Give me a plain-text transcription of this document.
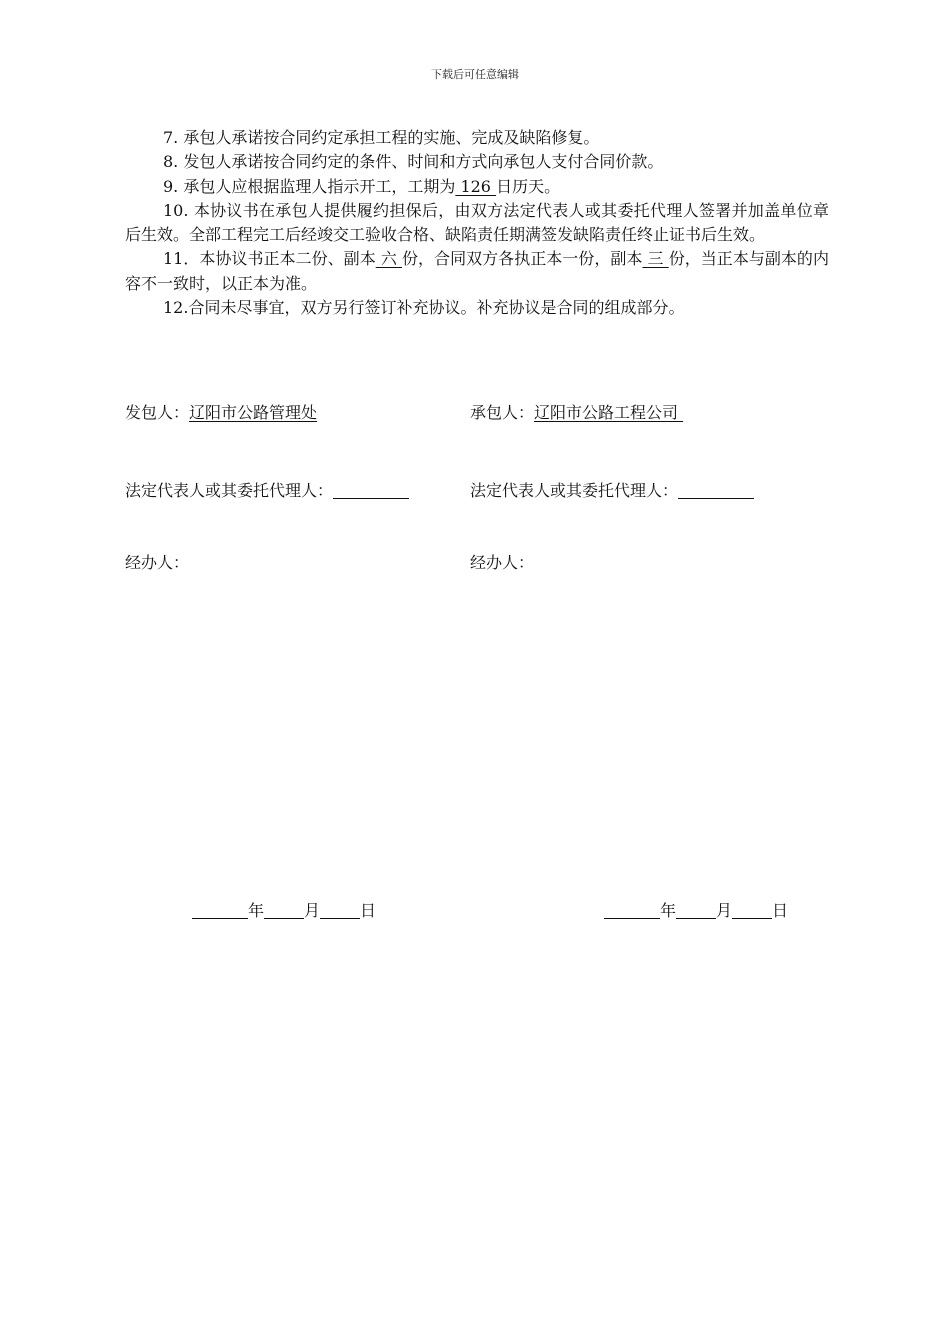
下载后可任意编辑

7. 承包人承诺按合同约定承担工程的实施、完成及缺陷修复。

8. 发包人承诺按合同约定的条件、时间和方式向承包人支付合同价款。

9. 承包人应根据监理人指示开工，工期为 126 日历天。

10. 本协议书在承包人提供履约担保后，由双方法定代表人或其委托代理人签署并加盖单位章后生效。全部工程完工后经竣交工验收合格、缺陷责任期满签发缺陷责任终止证书后生效。

11．本协议书正本二份、副本 六 份，合同双方各执正本一份，副本 三 份，当正本与副本的内容不一致时，以正本为准。

12.合同未尽事宜，双方另行签订补充协议。补充协议是合同的组成部分。

发包人：辽阳市公路管理处
法定代表人或其委托代理人：
经办人：
承包人：辽阳市公路工程公司
法定代表人或其委托代理人：
经办人：
年	月	日	年	月	日
